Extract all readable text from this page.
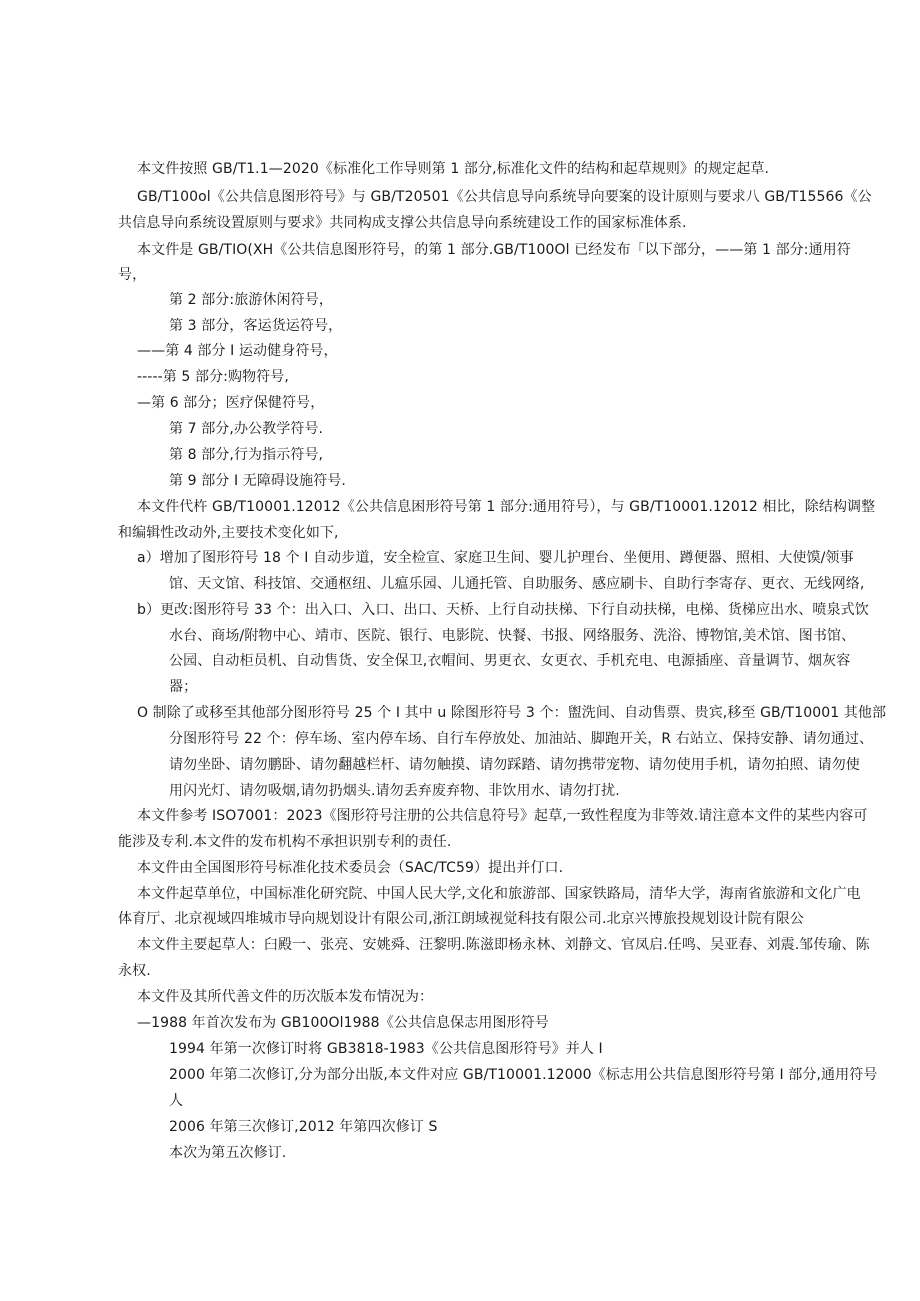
本文件按照 GB/T1.1—2020《标准化工作导则第 1 部分,标准化文件的结构和起草规则》的规定起草.
GB/T100ol《公共信息图形符号》与 GB/T20501《公共信息导向系统导向要案的设计原则与要求八 GB/T15566《公
共信息导向系统设置原则与要求》共同构成支撑公共信息导向系统建设工作的国家标准体系.
本文件是 GB/TIO(XH《公共信息图形符号，的第 1 部分.GB/T100Ol 已经发布「以下部分，——第 1 部分:通用符
号，
第 2 部分:旅游休闲符号，
第 3 部分，客运货运符号，
——第 4 部分 I 运动健身符号，
-----第 5 部分:购物符号,
—第 6 部分；医疗保健符号，
第 7 部分,办公教学符号.
第 8 部分,行为指示符号,
第 9 部分 I 无障碍设施符号.
本文件代杵 GB/T10001.12012《公共信息困形符号第 1 部分:通用符号），与 GB/T10001.12012 相比，除结构调整
和编辑性改动外,主要技术变化如下,
a）增加了图形符号 18 个 I 自动步道，安全检宣、家庭卫生间、婴儿护理台、坐便用、蹲便器、照相、大使馍/领事
馆、天文馆、科技馆、交通枢纽、儿瘟乐园、儿通托管、自助服务、感应刷卡、自助行李寄存、更衣、无线网络,
b）更改:图形符号 33 个：出入口、入口、出口、天桥、上行自动扶梯、下行自动扶梯，电梯、货梯应出水、喷泉式饮
水台、商场/附物中心、靖市、医院、银行、电影院、快餐、书报、网络服务、洗浴、博物馆,美术馆、图书馆、
公园、自动柜员机、自动售货、安全保卫,衣帽间、男更衣、女更衣、手机充电、电源插座、音量调节、烟灰容
器；
O 制除了或移至其他部分图形符号 25 个 I 其中 u 除图形符号 3 个：盥洗间、自动售票、贵宾,移至 GB/T10001 其他部
分图形符号 22 个：停车场、室内停车场、自行车停放处、加油站、脚跑开关，R 右站立、保持安静、请勿通过、
请勿坐卧、请勿鹏卧、请勿翻越栏杆、请勿触摸、请勿踩踏、请勿携带宠物、请勿使用手机，请勿拍照、请勿使
用闪光灯、请勿吸烟,请勿扔烟头.请勿丢弃废弃物、非饮用水、请勿打扰.
本文件参考 ISO7001：2023《图形符号注册的公共信息符号》起草,一致性程度为非等效.请注意本文件的某些内容可
能涉及专利.本文件的发布机构不承担识别专利的责任.
本文件由全国图形符号标准化技术委员会（SAC/TC59）提出并仃口.
本文件起草单位，中国标准化研究院、中国人民大学,文化和旅游部、国家铁路局，清华大学，海南省旅游和文化广电
体育厅、北京视域四堆城市导向规划设计有限公司,浙江朗域视觉科技有限公司.北京兴博旅投规划设计院有限公
本文件主要起草人：臼殿一、张亮、安姚舜、汪黎明.陈滋即杨永林、刘静文、官凤启.任鸣、吴亚春、刘震.邹传瑜、陈
永权.
本文件及其所代善文件的历次版本发布情况为：
—1988 年首次发布为 GB100Ol1988《公共信息保志用图形符号
1994 年第一次修订时将 GB3818-1983《公共信息图形符号》并人 I
2000 年第二次修订,分为部分出版,本文件对应 GB/T10001.12000《标志用公共信息图形符号第 I 部分,通用符号
人
2006 年第三次修订,2012 年第四次修订 S
本次为第五次修订.
